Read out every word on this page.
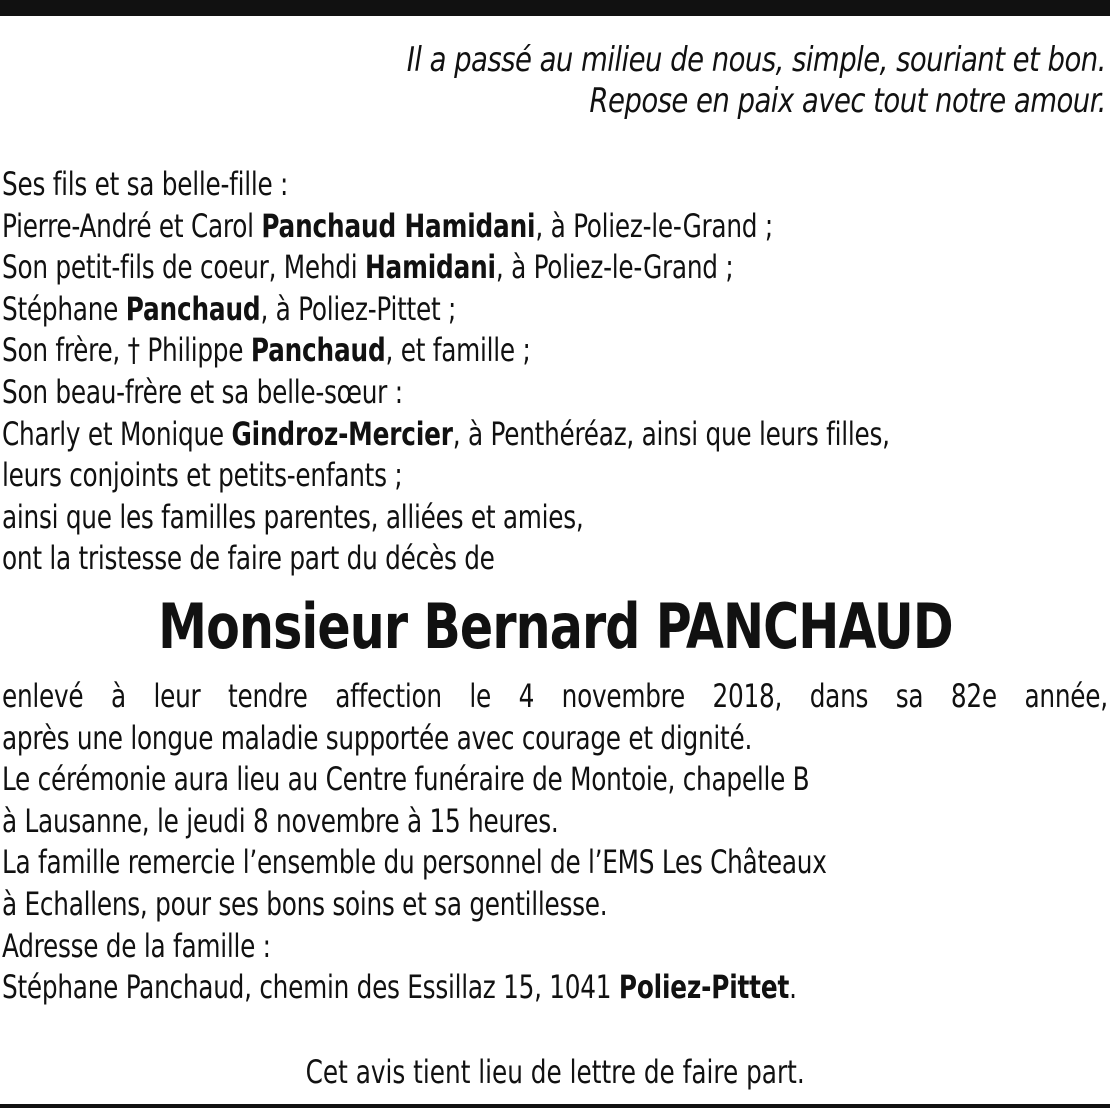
Il a passé au milieu de nous, simple, souriant et bon.
Repose en paix avec tout notre amour.
Ses fils et sa belle-fille :
Pierre-André et Carol Panchaud Hamidani, à Poliez-le-Grand ;
Son petit-fils de coeur, Mehdi Hamidani, à Poliez-le-Grand ;
Stéphane Panchaud, à Poliez-Pittet ;
Son frère, † Philippe Panchaud, et famille ;
Son beau-frère et sa belle-sœur :
Charly et Monique Gindroz-Mercier, à Penthéréaz, ainsi que leurs filles,
leurs conjoints et petits-enfants ;
ainsi que les familles parentes, alliées et amies,
ont la tristesse de faire part du décès de
Monsieur Bernard PANCHAUD
enlevé à leur tendre affection le 4 novembre 2018, dans sa 82e année,
après une longue maladie supportée avec courage et dignité.
Le cérémonie aura lieu au Centre funéraire de Montoie, chapelle B
à Lausanne, le jeudi 8 novembre à 15 heures.
La famille remercie l’ensemble du personnel de l’EMS Les Châteaux
à Echallens, pour ses bons soins et sa gentillesse.
Adresse de la famille :
Stéphane Panchaud, chemin des Essillaz 15, 1041 Poliez-Pittet.
Cet avis tient lieu de lettre de faire part.
